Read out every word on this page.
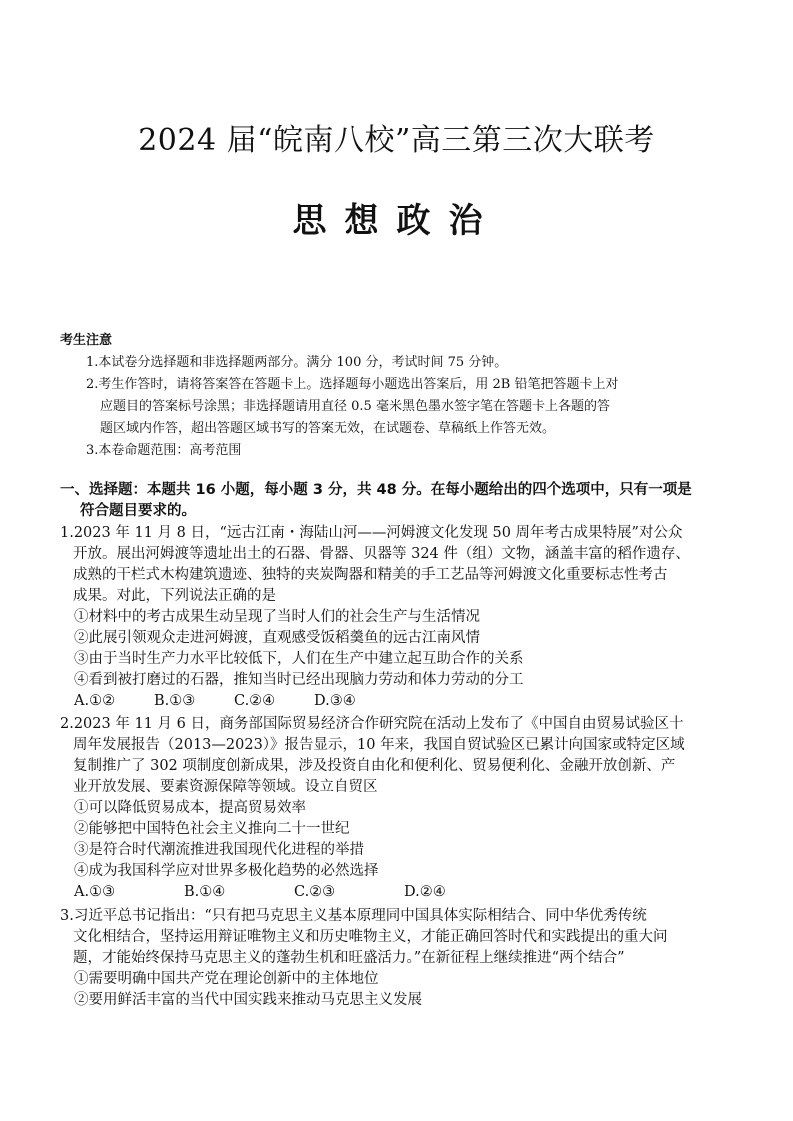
2024 届“皖南八校”高三第三次大联考
思想政治
考生注意
1.本试卷分选择题和非选择题两部分。满分 100 分，考试时间 75 分钟。
2.考生作答时，请将答案答在答题卡上。选择题每小题选出答案后，用 2B 铅笔把答题卡上对
应题目的答案标号涂黑；非选择题请用直径 0.5 毫米黑色墨水签字笔在答题卡上各题的答
题区域内作答，超出答题区域书写的答案无效，在试题卷、草稿纸上作答无效。
3.本卷命题范围：高考范围
一、选择题：本题共 16 小题，每小题 3 分，共 48 分。在每小题给出的四个选项中，只有一项是
符合题目要求的。
1.2023 年 11 月 8 日，“远古江南・海陆山河——河姆渡文化发现 50 周年考古成果特展”对公众
开放。展出河姆渡等遗址出土的石器、骨器、贝器等 324 件（组）文物，涵盖丰富的稻作遗存、
成熟的干栏式木构建筑遗迹、独特的夹炭陶器和精美的手工艺品等河姆渡文化重要标志性考古
成果。对此，下列说法正确的是
①材料中的考古成果生动呈现了当时人们的社会生产与生活情况
②此展引领观众走进河姆渡，直观感受饭稻羹鱼的远古江南风情
③由于当时生产力水平比较低下，人们在生产中建立起互助合作的关系
④看到被打磨过的石器，推知当时已经出现脑力劳动和体力劳动的分工
A.①②	B.①③	C.②④	D.③④
2.2023 年 11 月 6 日，商务部国际贸易经济合作研究院在活动上发布了《中国自由贸易试验区十
周年发展报告（2013—2023）》报告显示，10 年来，我国自贸试验区已累计向国家或特定区域
复制推广了 302 项制度创新成果，涉及投资自由化和便利化、贸易便利化、金融开放创新、产
业开放发展、要素资源保障等领域。设立自贸区
①可以降低贸易成本，提高贸易效率
②能够把中国特色社会主义推向二十一世纪
③是符合时代潮流推进我国现代化进程的举措
④成为我国科学应对世界多极化趋势的必然选择
A.①③	B.①④	C.②③	D.②④
3.习近平总书记指出：“只有把马克思主义基本原理同中国具体实际相结合、同中华优秀传统
文化相结合，坚持运用辩证唯物主义和历史唯物主义，才能正确回答时代和实践提出的重大问
题，才能始终保持马克思主义的蓬勃生机和旺盛活力。”在新征程上继续推进“两个结合”
①需要明确中国共产党在理论创新中的主体地位
②要用鲜活丰富的当代中国实践来推动马克思主义发展
